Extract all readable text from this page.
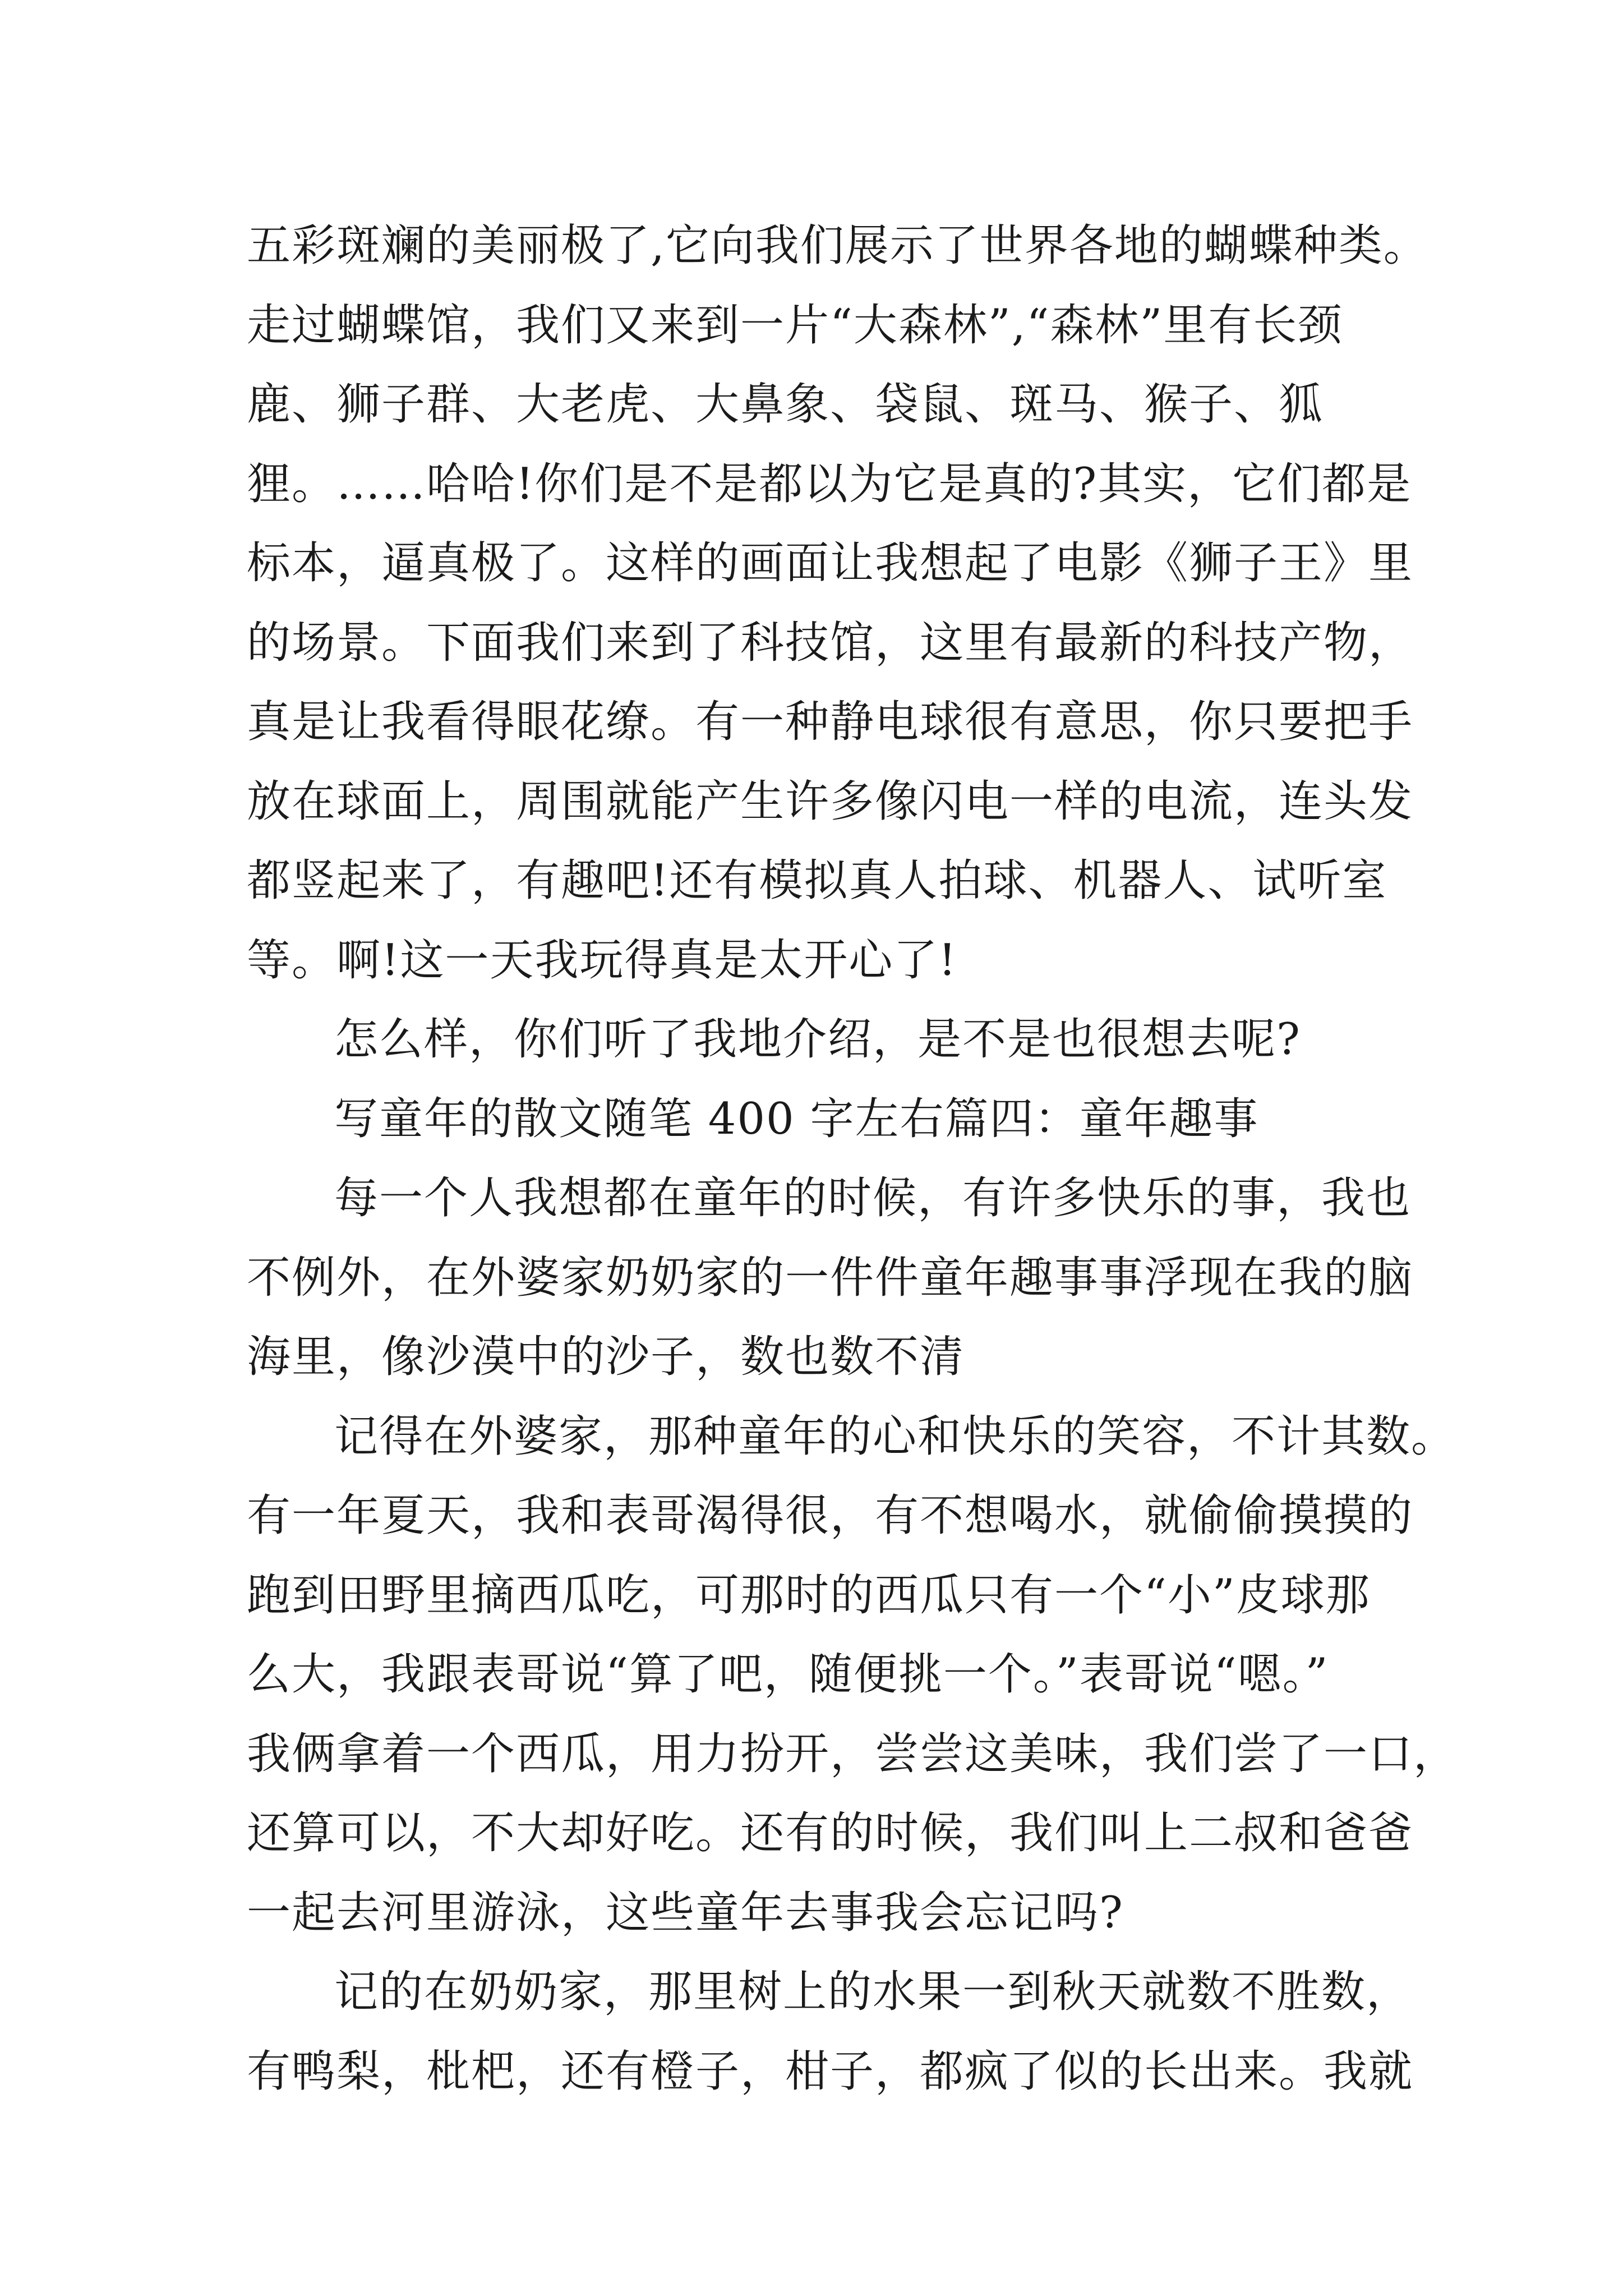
五彩斑斓的美丽极了,它向我们展示了世界各地的蝴蝶种类。
走过蝴蝶馆，我们又来到一片“大森林”,“森林”里有长颈
鹿、狮子群、大老虎、大鼻象、袋鼠、斑马、猴子、狐
狸。……哈哈!你们是不是都以为它是真的?其实，它们都是
标本，逼真极了。这样的画面让我想起了电影《狮子王》里
的场景。下面我们来到了科技馆，这里有最新的科技产物，
真是让我看得眼花缭。有一种静电球很有意思，你只要把手
放在球面上，周围就能产生许多像闪电一样的电流，连头发
都竖起来了，有趣吧!还有模拟真人拍球、机器人、试听室
等。啊!这一天我玩得真是太开心了!
怎么样，你们听了我地介绍，是不是也很想去呢?
写童年的散文随笔 400 字左右篇四：童年趣事
每一个人我想都在童年的时候，有许多快乐的事，我也
不例外，在外婆家奶奶家的一件件童年趣事事浮现在我的脑
海里，像沙漠中的沙子，数也数不清
记得在外婆家，那种童年的心和快乐的笑容，不计其数。
有一年夏天，我和表哥渴得很，有不想喝水，就偷偷摸摸的
跑到田野里摘西瓜吃，可那时的西瓜只有一个“小”皮球那
么大，我跟表哥说“算了吧，随便挑一个。”表哥说“嗯。”
我俩拿着一个西瓜，用力扮开，尝尝这美味，我们尝了一口，
还算可以，不大却好吃。还有的时候，我们叫上二叔和爸爸
一起去河里游泳，这些童年去事我会忘记吗?
记的在奶奶家，那里树上的水果一到秋天就数不胜数，
有鸭梨，枇杷，还有橙子，柑子，都疯了似的长出来。我就
